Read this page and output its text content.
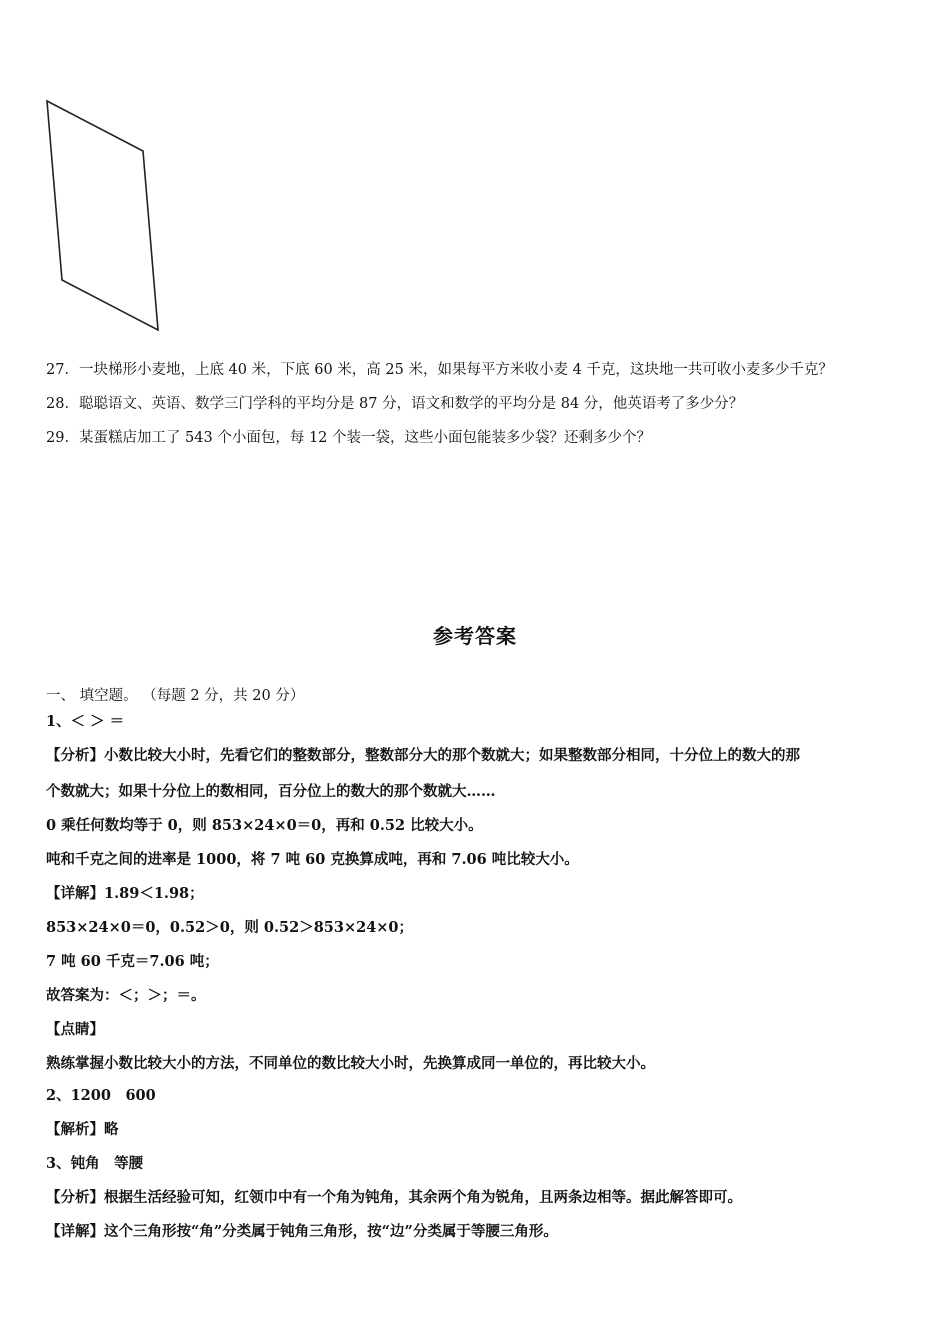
27．一块梯形小麦地，上底 40 米，下底 60 米，高 25 米，如果每平方米收小麦 4 千克，这块地一共可收小麦多少千克？
28．聪聪语文、英语、数学三门学科的平均分是 87 分，语文和数学的平均分是 84 分，他英语考了多少分？
29．某蛋糕店加工了 543 个小面包，每 12 个装一袋，这些小面包能装多少袋？还剩多少个？
参考答案
一、 填空题。 （每题 2 分，共 20 分）
1、＜ ＞ ＝
【分析】小数比较大小时，先看它们的整数部分，整数部分大的那个数就大；如果整数部分相同，十分位上的数大的那
个数就大；如果十分位上的数相同，百分位上的数大的那个数就大……
0 乘任何数均等于 0，则 853×24×0＝0，再和 0.52 比较大小。
吨和千克之间的进率是 1000，将 7 吨 60 克换算成吨，再和 7.06 吨比较大小。
【详解】1.89＜1.98；
853×24×0＝0，0.52＞0，则 0.52＞853×24×0；
7 吨 60 千克＝7.06 吨；
故答案为：＜；＞；＝。
【点睛】
熟练掌握小数比较大小的方法，不同单位的数比较大小时，先换算成同一单位的，再比较大小。
2、1200　600
【解析】略
3、钝角　等腰
【分析】根据生活经验可知，红领巾中有一个角为钝角，其余两个角为锐角，且两条边相等。据此解答即可。
【详解】这个三角形按“角”分类属于钝角三角形，按“边”分类属于等腰三角形。
